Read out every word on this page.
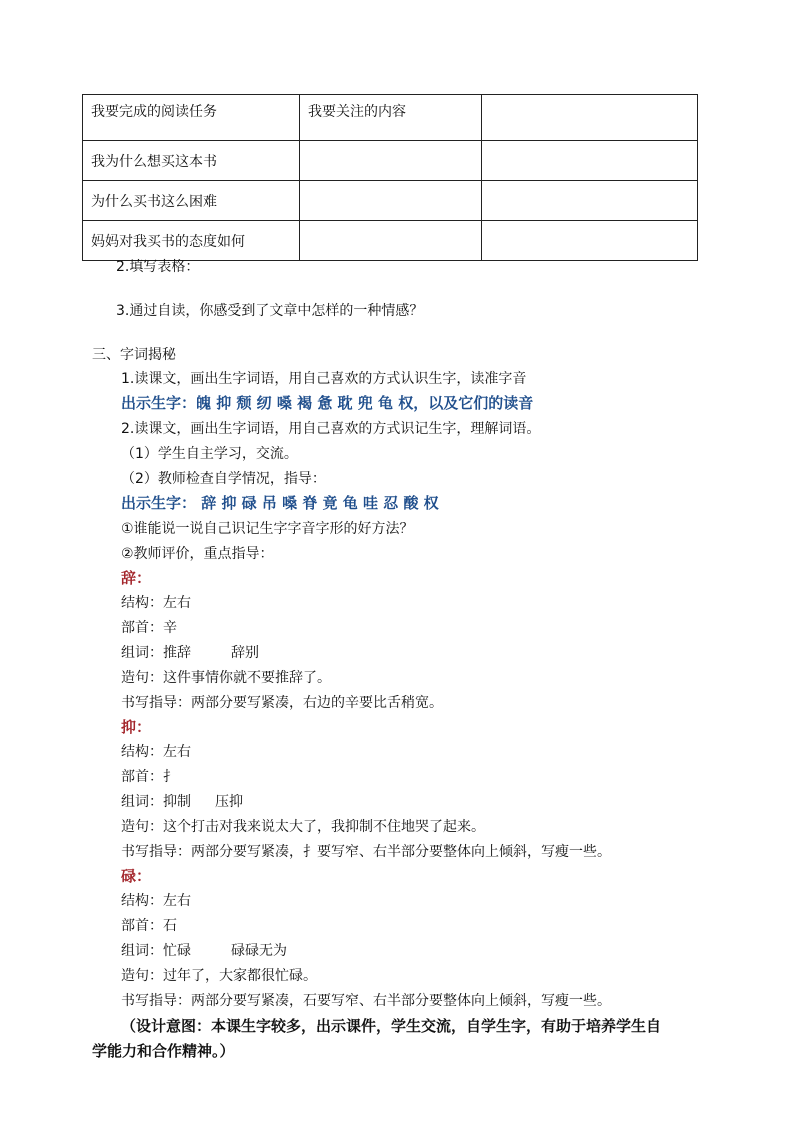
我要完成的阅读任务	我要关注的内容	
我为什么想买这本书		
为什么买书这么困难		
妈妈对我买书的态度如何		
2.填写表格：
3.通过自读，你感受到了文章中怎样的一种情感？
三、字词揭秘
1.读课文，画出生字词语，用自己喜欢的方式认识生字，读准字音
出示生字：魄 抑 颓 纫 嗓 褐 惫 耽 兜 龟 权，以及它们的读音
2.读课文，画出生字词语，用自己喜欢的方式识记生字，理解词语。
（1）学生自主学习，交流。
（2）教师检查自学情况，指导：
出示生字： 辞 抑 碌 吊 嗓 脊 竟 龟 哇 忍 酸 权
①谁能说一说自己识记生字字音字形的好方法？
②教师评价，重点指导：
辞：
结构：左右
部首：辛
组词：推辞	辞别
造句：这件事情你就不要推辞了。
书写指导：两部分要写紧凑，右边的辛要比舌稍宽。
抑：
结构：左右
部首：扌
组词：抑制 压抑
造句：这个打击对我来说太大了，我抑制不住地哭了起来。
书写指导：两部分要写紧凑，扌要写窄、右半部分要整体向上倾斜，写瘦一些。
碌：
结构：左右
部首：石
组词：忙碌	碌碌无为
造句：过年了，大家都很忙碌。
书写指导：两部分要写紧凑，石要写窄、右半部分要整体向上倾斜，写瘦一些。
（设计意图：本课生字较多，出示课件，学生交流，自学生字，有助于培养学生自
学能力和合作精神。）
